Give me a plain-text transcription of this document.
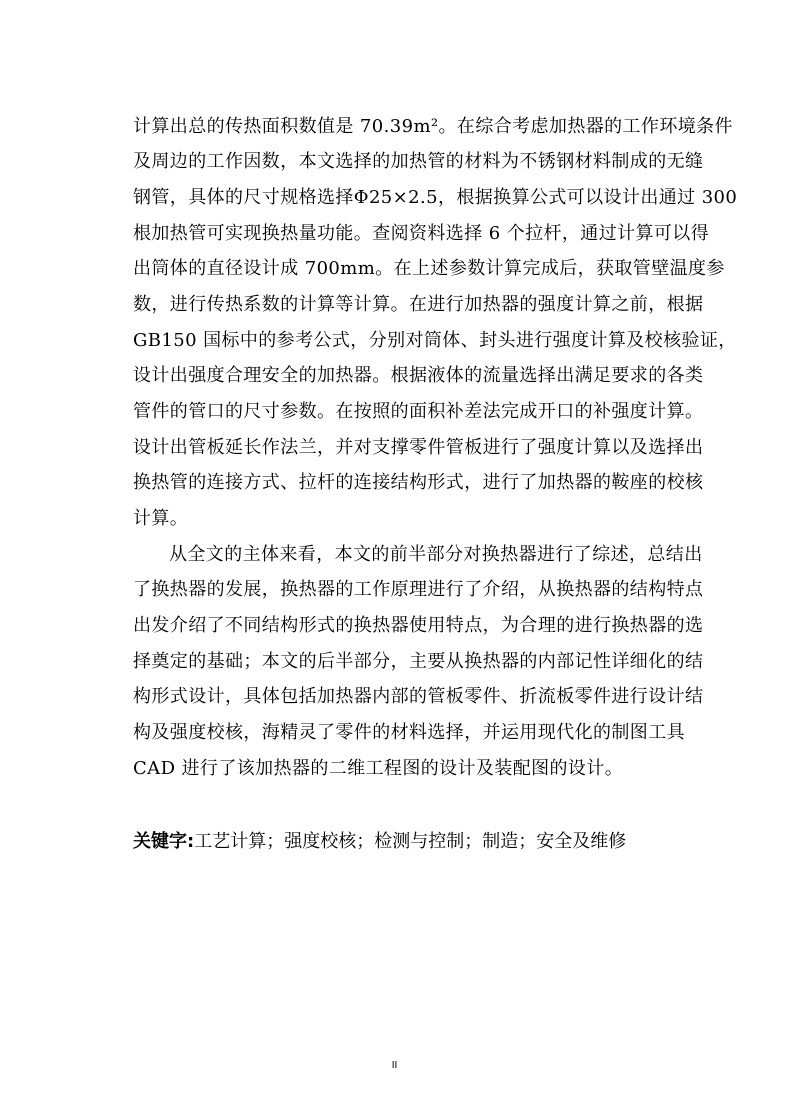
计算出总的传热面积数值是 70.39m²。在综合考虑加热器的工作环境条件
及周边的工作因数，本文选择的加热管的材料为不锈钢材料制成的无缝
钢管，具体的尺寸规格选择Φ25×2.5，根据换算公式可以设计出通过 300
根加热管可实现换热量功能。查阅资料选择 6 个拉杆，通过计算可以得
出筒体的直径设计成 700mm。在上述参数计算完成后，获取管壁温度参
数，进行传热系数的计算等计算。在进行加热器的强度计算之前，根据
GB150 国标中的参考公式，分别对筒体、封头进行强度计算及校核验证，
设计出强度合理安全的加热器。根据液体的流量选择出满足要求的各类
管件的管口的尺寸参数。在按照的面积补差法完成开口的补强度计算。
设计出管板延长作法兰，并对支撑零件管板进行了强度计算以及选择出
换热管的连接方式、拉杆的连接结构形式，进行了加热器的鞍座的校核
计算。
从全文的主体来看，本文的前半部分对换热器进行了综述，总结出
了换热器的发展，换热器的工作原理进行了介绍，从换热器的结构特点
出发介绍了不同结构形式的换热器使用特点，为合理的进行换热器的选
择奠定的基础；本文的后半部分，主要从换热器的内部记性详细化的结
构形式设计，具体包括加热器内部的管板零件、折流板零件进行设计结
构及强度校核，海精灵了零件的材料选择，并运用现代化的制图工具
CAD 进行了该加热器的二维工程图的设计及装配图的设计。
关键字:工艺计算；强度校核；检测与控制；制造；安全及维修
II
